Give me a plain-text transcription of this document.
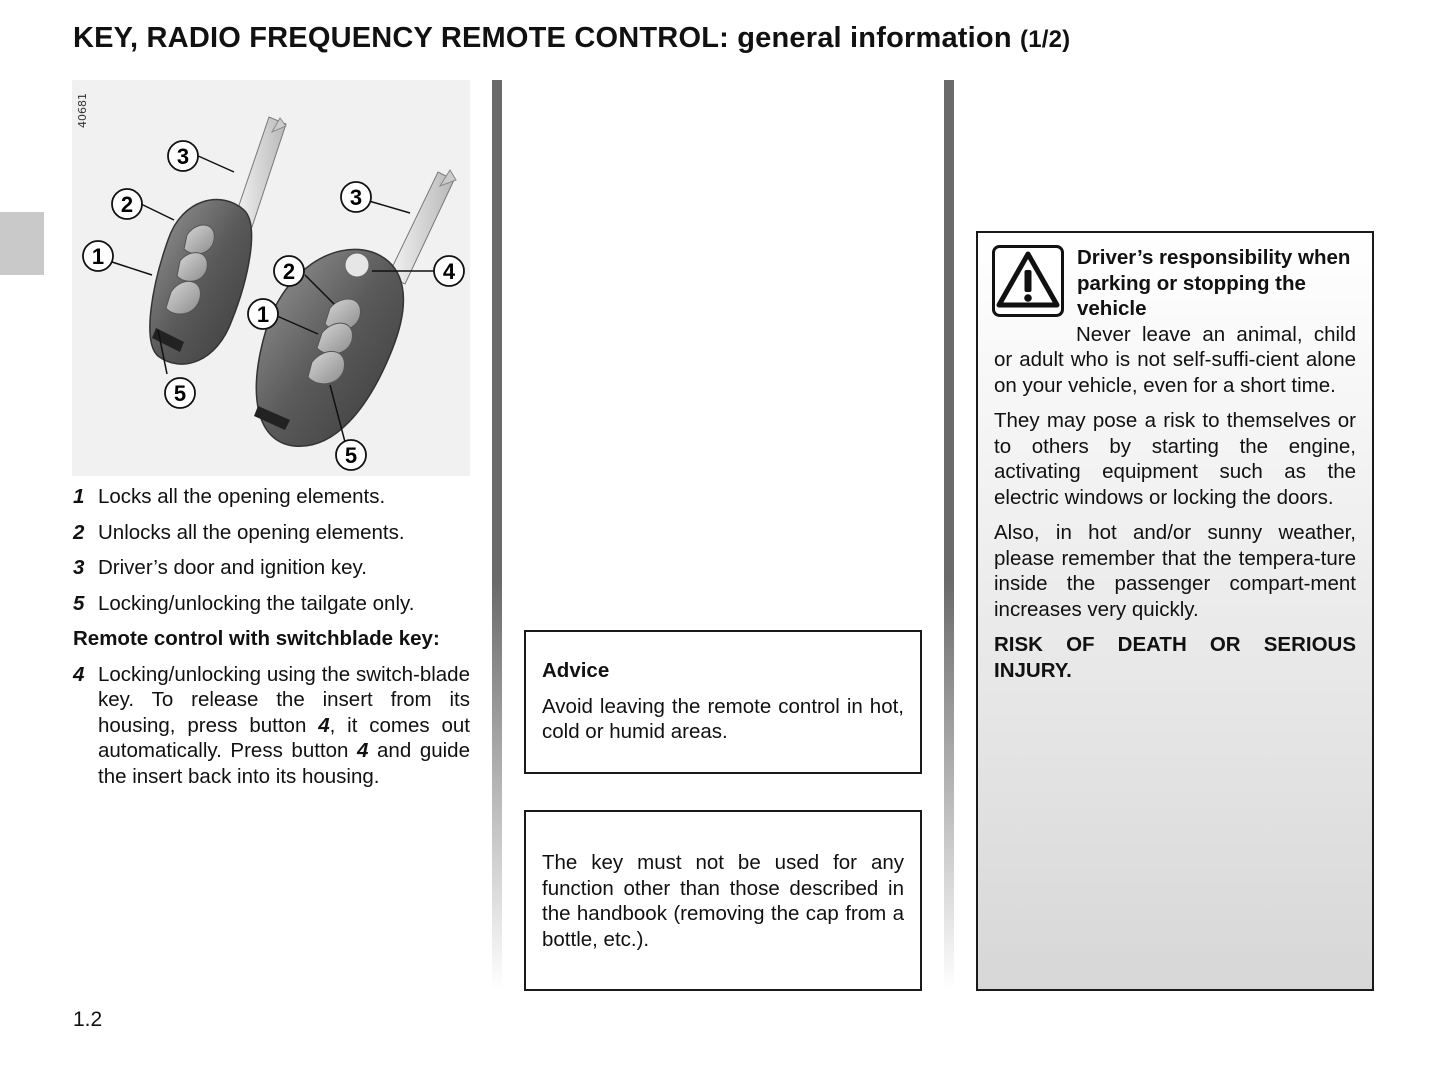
KEY, RADIO FREQUENCY REMOTE CONTROL: general information (1/2)
40681
3
2
1
5
3
2
1
4
5
1 Locks all the opening elements.
2 Unlocks all the opening elements.
3 Driver’s door and ignition key.
5 Locking/unlocking the tailgate only.
Remote control with switchblade key:
4 Locking/unlocking using the switch-blade key. To release the insert from its housing, press button 4, it comes out automatically. Press button 4 and guide the insert back into its housing.
Advice

Avoid leaving the remote control in hot, cold or humid areas.

The key must not be used for any function other than those described in the handbook (removing the cap from a bottle, etc.).

Driver’s responsibility when parking or stopping the vehicle

Never leave an animal, child or adult who is not self-suffi-cient alone on your vehicle, even for a short time.

They may pose a risk to themselves or to others by starting the engine, activating equipment such as the electric windows or locking the doors.

Also, in hot and/or sunny weather, please remember that the tempera-ture inside the passenger compart-ment increases very quickly.

RISK OF DEATH OR SERIOUS INJURY.

1.2
